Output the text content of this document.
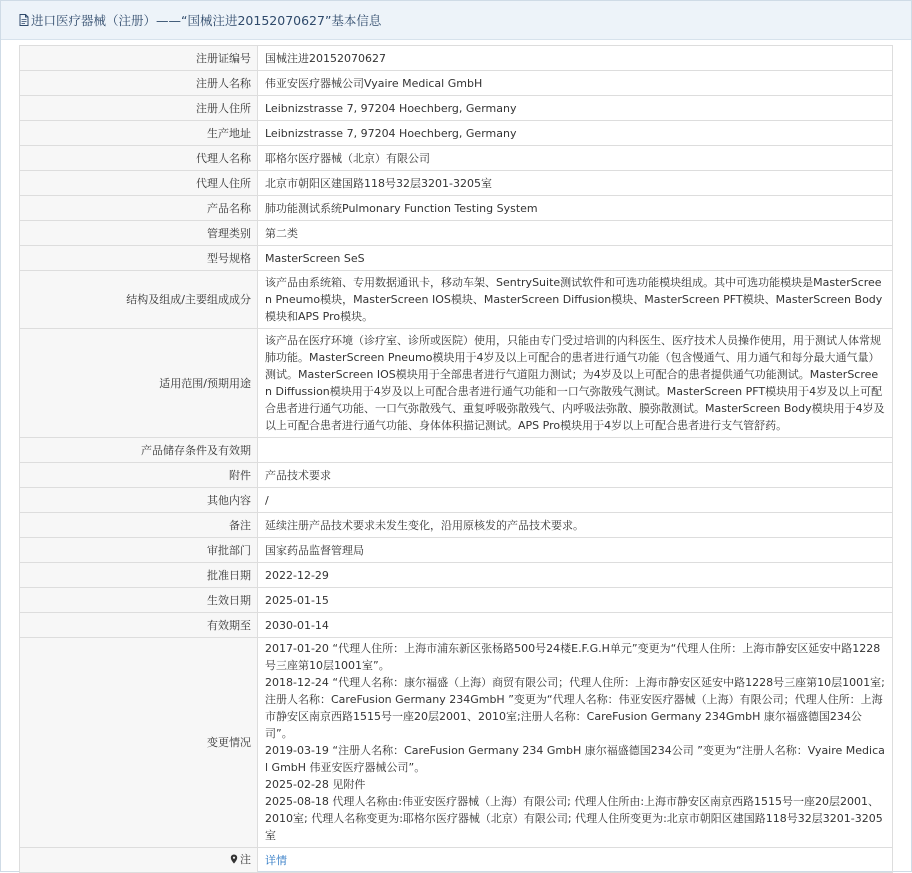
进口医疗器械（注册）——“国械注进20152070627”基本信息
注册证编号	国械注进20152070627
注册人名称	伟亚安医疗器械公司Vyaire Medical GmbH
注册人住所	Leibnizstrasse 7, 97204 Hoechberg, Germany
生产地址	Leibnizstrasse 7, 97204 Hoechberg, Germany
代理人名称	耶格尔医疗器械（北京）有限公司
代理人住所	北京市朝阳区建国路118号32层3201-3205室
产品名称	肺功能测试系统Pulmonary Function Testing System
管理类别	第二类
型号规格	MasterScreen SeS
结构及组成/主要组成成分	该产品由系统箱、专用数据通讯卡，移动车架、SentrySuite测试软件和可选功能模块组成。其中可选功能模块是MasterScreen Pneumo模块，MasterScreen IOS模块、MasterScreen Diffusion模块、MasterScreen PFT模块、MasterScreen Body模块和APS Pro模块。
适用范围/预期用途	该产品在医疗环境（诊疗室、诊所或医院）使用，只能由专门受过培训的内科医生、医疗技术人员操作使用，用于测试人体常规肺功能。MasterScreen Pneumo模块用于4岁及以上可配合的患者进行通气功能（包含慢通气、用力通气和每分最大通气量）测试。MasterScreen IOS模块用于全部患者进行气道阻力测试；为4岁及以上可配合的患者提供通气功能测试。MasterScreen Diffussion模块用于4岁及以上可配合患者进行通气功能和一口气弥散残气测试。MasterScreen PFT模块用于4岁及以上可配合患者进行通气功能、一口气弥散残气、重复呼吸弥散残气、内呼吸法弥散、膜弥散测试。MasterScreen Body模块用于4岁及以上可配合患者进行通气功能、身体体积描记测试。APS Pro模块用于4岁以上可配合患者进行支气管舒药。
产品储存条件及有效期	
附件	产品技术要求
其他内容	/
备注	延续注册产品技术要求未发生变化，沿用原核发的产品技术要求。
审批部门	国家药品监督管理局
批准日期	2022-12-29
生效日期	2025-01-15
有效期至	2030-01-14
变更情况	2017-01-20 “代理人住所：上海市浦东新区张杨路500号24楼E.F.G.H单元”变更为“代理人住所：上海市静安区延安中路1228号三座第10层1001室”。
2018-12-24 “代理人名称：康尔福盛（上海）商贸有限公司；代理人住所：上海市静安区延安中路1228号三座第10层1001室;注册人名称：CareFusion Germany 234GmbH ”变更为“代理人名称：伟亚安医疗器械（上海）有限公司；代理人住所：上海市静安区南京西路1515号一座20层2001、2010室;注册人名称：CareFusion Germany 234GmbH 康尔福盛德国234公司”。
2019-03-19 “注册人名称：CareFusion Germany 234 GmbH 康尔福盛德国234公司 ”变更为“注册人名称：Vyaire Medical GmbH 伟亚安医疗器械公司”。
2025-02-28 见附件
2025-08-18 代理人名称由:伟亚安医疗器械（上海）有限公司; 代理人住所由:上海市静安区南京西路1515号一座20层2001、2010室; 代理人名称变更为:耶格尔医疗器械（北京）有限公司; 代理人住所变更为:北京市朝阳区建国路118号32层3201-3205室

注	详情
